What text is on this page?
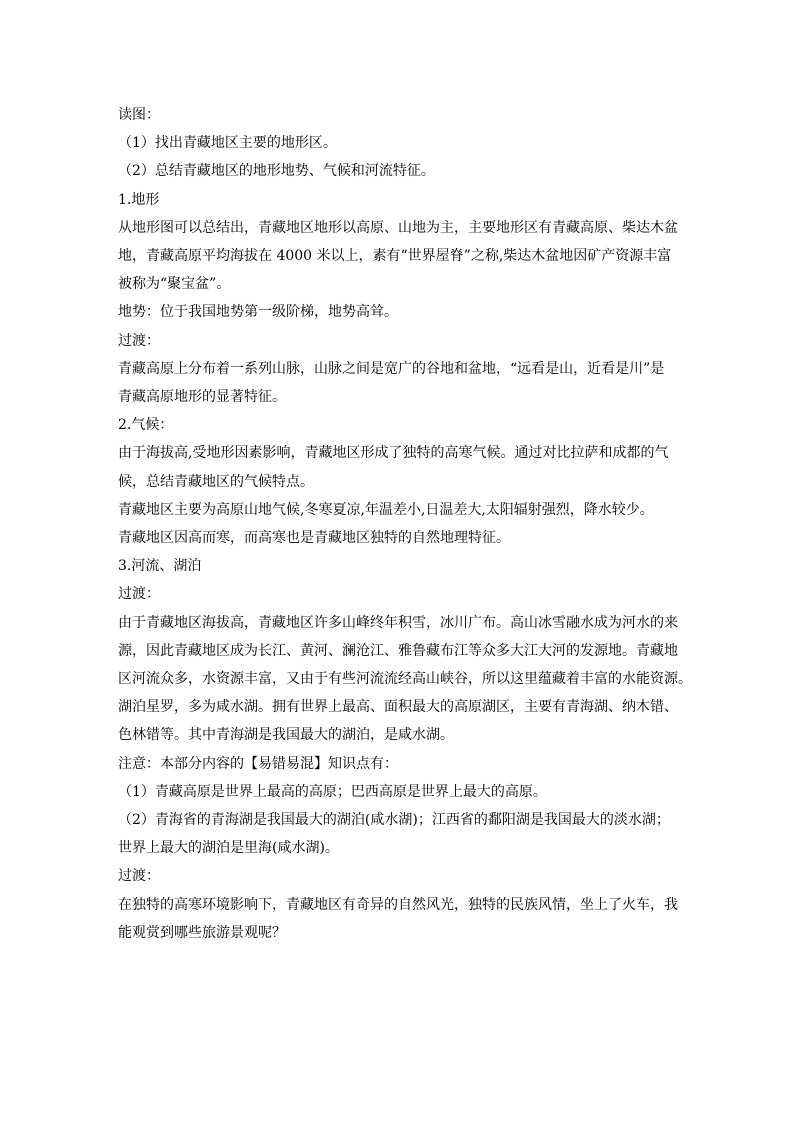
读图：

（1）找出青藏地区主要的地形区。

（2）总结青藏地区的地形地势、气候和河流特征。

1.地形

从地形图可以总结出，青藏地区地形以高原、山地为主，主要地形区有青藏高原、柴达木盆
地，青藏高原平均海拔在 4000 米以上，素有“世界屋脊”之称,柴达木盆地因矿产资源丰富
被称为“聚宝盆”。

地势：位于我国地势第一级阶梯，地势高耸。

过渡：

青藏高原上分布着一系列山脉，山脉之间是宽广的谷地和盆地，“远看是山，近看是川”是
青藏高原地形的显著特征。

2.气候：

由于海拔高,受地形因素影响，青藏地区形成了独特的高寒气候。通过对比拉萨和成都的气
候，总结青藏地区的气候特点。

青藏地区主要为高原山地气候,冬寒夏凉,年温差小,日温差大,太阳辐射强烈，降水较少。

青藏地区因高而寒，而高寒也是青藏地区独特的自然地理特征。

3.河流、湖泊

过渡：

由于青藏地区海拔高，青藏地区许多山峰终年积雪，冰川广布。高山冰雪融水成为河水的来
源，因此青藏地区成为长江、黄河、澜沧江、雅鲁藏布江等众多大江大河的发源地。青藏地
区河流众多，水资源丰富，又由于有些河流流经高山峡谷，所以这里蕴藏着丰富的水能资源。
湖泊星罗，多为咸水湖。拥有世界上最高、面积最大的高原湖区，主要有青海湖、纳木错、
色林错等。其中青海湖是我国最大的湖泊，是咸水湖。

注意：本部分内容的【易错易混】知识点有：

（1）青藏高原是世界上最高的高原；巴西高原是世界上最大的高原。

（2）青海省的青海湖是我国最大的湖泊(咸水湖)；江西省的鄱阳湖是我国最大的淡水湖；
世界上最大的湖泊是里海(咸水湖)。

过渡：

在独特的高寒环境影响下，青藏地区有奇异的自然风光，独特的民族风情，坐上了火车，我
能观赏到哪些旅游景观呢？
